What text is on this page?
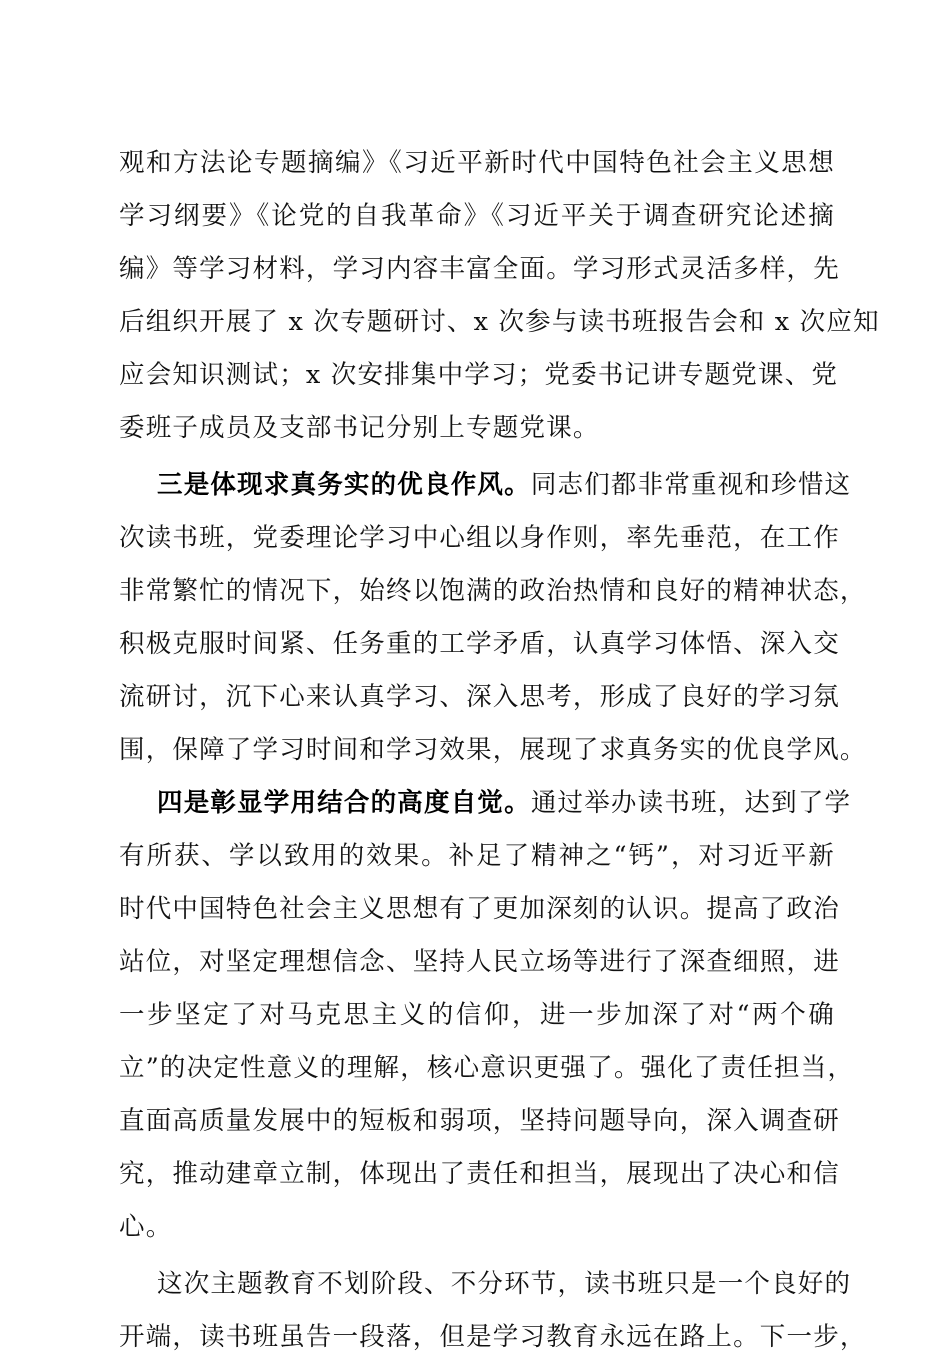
观和方法论专题摘编》《习近平新时代中国特色社会主义思想
学习纲要》《论党的自我革命》《习近平关于调查研究论述摘
编》等学习材料，学习内容丰富全面。学习形式灵活多样，先
后组织开展了 x 次专题研讨、x 次参与读书班报告会和 x 次应知
应会知识测试；x 次安排集中学习；党委书记讲专题党课、党
委班子成员及支部书记分别上专题党课。
三是体现求真务实的优良作风。同志们都非常重视和珍惜这
次读书班，党委理论学习中心组以身作则，率先垂范，在工作
非常繁忙的情况下，始终以饱满的政治热情和良好的精神状态，
积极克服时间紧、任务重的工学矛盾，认真学习体悟、深入交
流研讨，沉下心来认真学习、深入思考，形成了良好的学习氛
围，保障了学习时间和学习效果，展现了求真务实的优良学风。
四是彰显学用结合的高度自觉。通过举办读书班，达到了学
有所获、学以致用的效果。补足了精神之“钙”，对习近平新
时代中国特色社会主义思想有了更加深刻的认识。提高了政治
站位，对坚定理想信念、坚持人民立场等进行了深查细照，进
一步坚定了对马克思主义的信仰，进一步加深了对“两个确
立”的决定性意义的理解，核心意识更强了。强化了责任担当，
直面高质量发展中的短板和弱项，坚持问题导向，深入调查研
究，推动建章立制，体现出了责任和担当，展现出了决心和信
心。
这次主题教育不划阶段、不分环节，读书班只是一个良好的
开端，读书班虽告一段落，但是学习教育永远在路上。下一步，
